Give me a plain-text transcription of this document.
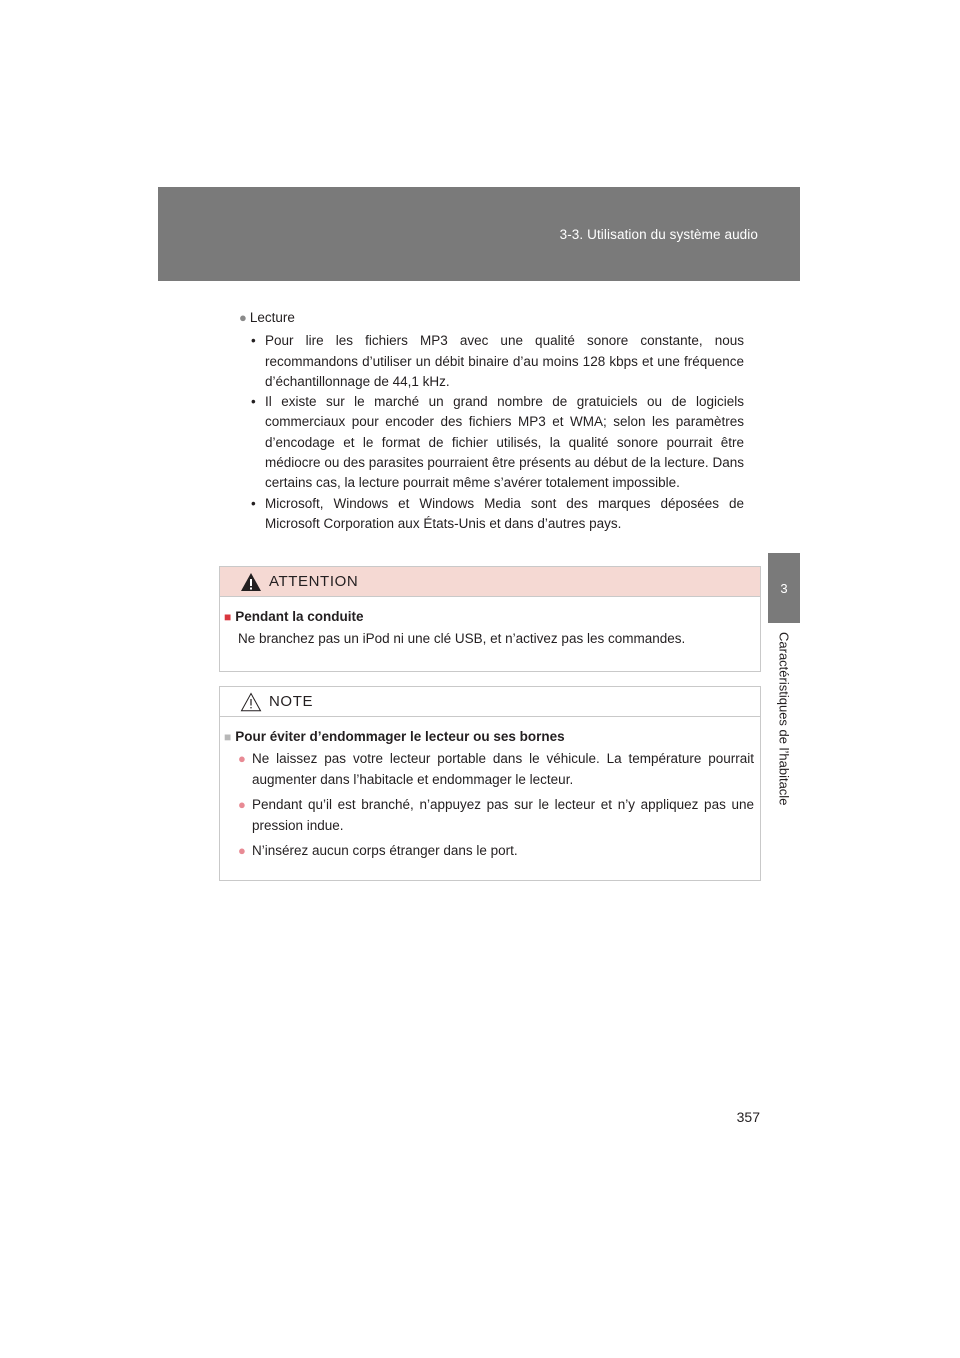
3-3. Utilisation du système audio
3
Caractéristiques de l’habitacle
● Lecture
• Pour lire les fichiers MP3 avec une qualité sonore constante, nous recommandons d’utiliser un débit binaire d’au moins 128 kbps et une fréquence d’échantillonnage de 44,1 kHz.
• Il existe sur le marché un grand nombre de gratuiciels ou de logiciels commerciaux pour encoder des fichiers MP3 et WMA; selon les paramètres d’encodage et le format de fichier utilisés, la qualité sonore pourrait être médiocre ou des parasites pourraient être présents au début de la lecture. Dans certains cas, la lecture pourrait même s’avérer totalement impossible.
• Microsoft, Windows et Windows Media sont des marques déposées de Microsoft Corporation aux États-Unis et dans d’autres pays.
ATTENTION
■ Pendant la conduite
Ne branchez pas un iPod ni une clé USB, et n’activez pas les commandes.
NOTE
■ Pour éviter d’endommager le lecteur ou ses bornes
● Ne laissez pas votre lecteur portable dans le véhicule. La température pourrait augmenter dans l’habitacle et endommager le lecteur.
● Pendant qu’il est branché, n’appuyez pas sur le lecteur et n’y appliquez pas une pression indue.
● N’insérez aucun corps étranger dans le port.
357
